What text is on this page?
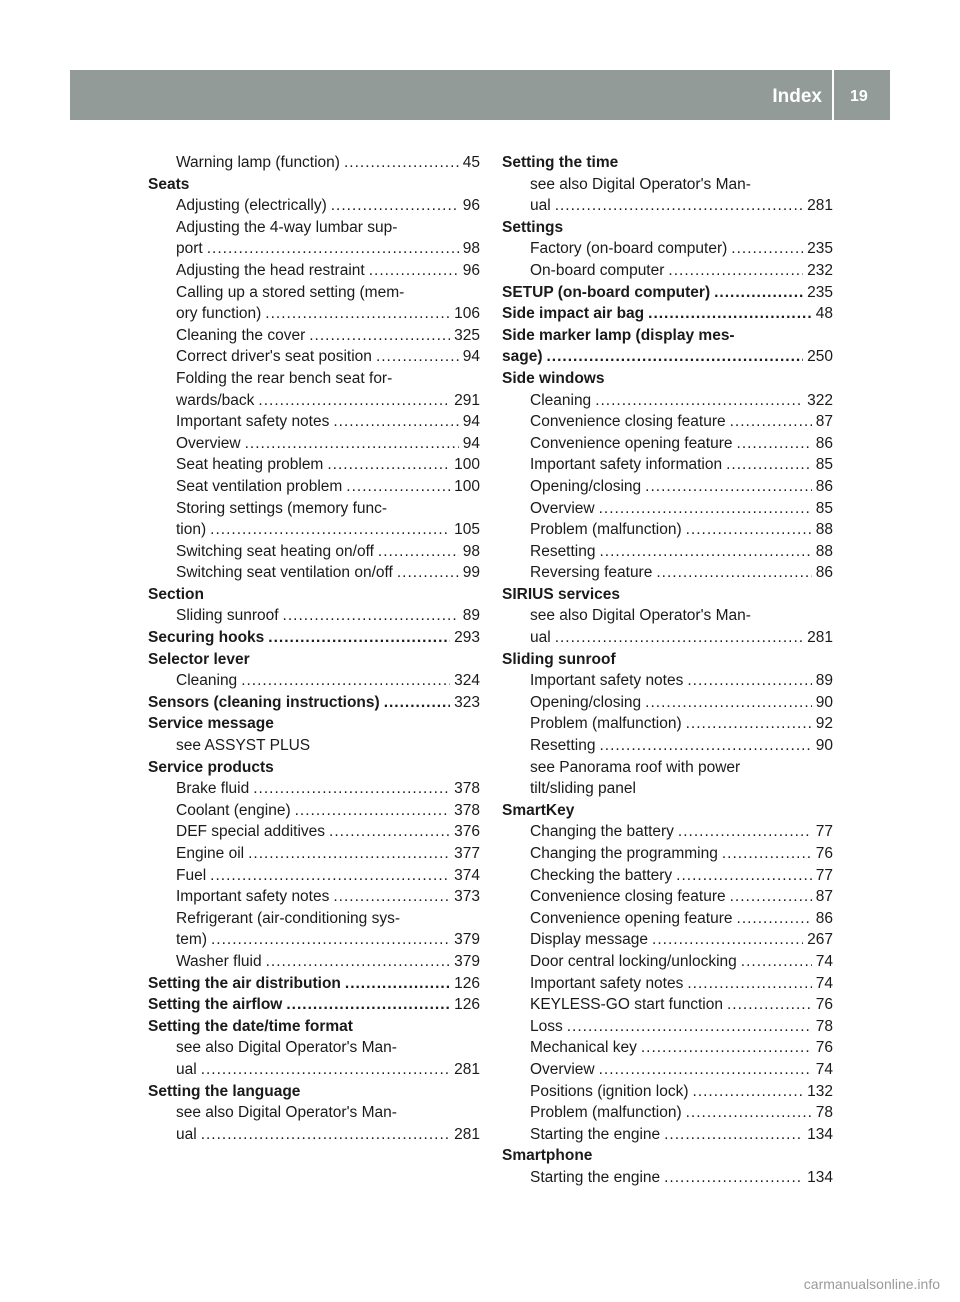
Index 19
Warning lamp (function) .....	45
Seats
Adjusting (electrically) .....	96
Adjusting the 4-way lumbar sup-
port .....	98
Adjusting the head restraint .....	96
Calling up a stored setting (mem-
ory function) .....	106
Cleaning the cover .....	325
Correct driver's seat position .....	94
Folding the rear bench seat for-
wards/back .....	291
Important safety notes .....	94
Overview .....	94
Seat heating problem .....	100
Seat ventilation problem .....	100
Storing settings (memory func-
tion) .....	105
Switching seat heating on/off .....	98
Switching seat ventilation on/off .....	99
Section
Sliding sunroof .....	89
Securing hooks .....	293
Selector lever
Cleaning .....	324
Sensors (cleaning instructions) .....	323
Service message
see ASSYST PLUS
Service products
Brake fluid .....	378
Coolant (engine) .....	378
DEF special additives .....	376
Engine oil .....	377
Fuel .....	374
Important safety notes .....	373
Refrigerant (air-conditioning sys-
tem) .....	379
Washer fluid .....	379
Setting the air distribution .....	126
Setting the airflow .....	126
Setting the date/time format
see also Digital Operator's Man-
ual .....	281
Setting the language
see also Digital Operator's Man-
ual .....	281
Setting the time
see also Digital Operator's Man-
ual .....	281
Settings
Factory (on-board computer) .....	235
On-board computer .....	232
SETUP (on-board computer) .....	235
Side impact air bag .....	48
Side marker lamp (display mes-
sage) .....	250
Side windows
Cleaning .....	322
Convenience closing feature .....	87
Convenience opening feature .....	86
Important safety information .....	85
Opening/closing .....	86
Overview .....	85
Problem (malfunction) .....	88
Resetting .....	88
Reversing feature .....	86
SIRIUS services
see also Digital Operator's Man-
ual .....	281
Sliding sunroof
Important safety notes .....	89
Opening/closing .....	90
Problem (malfunction) .....	92
Resetting .....	90
see Panorama roof with power
tilt/sliding panel
SmartKey
Changing the battery .....	77
Changing the programming .....	76
Checking the battery .....	77
Convenience closing feature .....	87
Convenience opening feature .....	86
Display message .....	267
Door central locking/unlocking .....	74
Important safety notes .....	74
KEYLESS-GO start function .....	76
Loss .....	78
Mechanical key .....	76
Overview .....	74
Positions (ignition lock) .....	132
Problem (malfunction) .....	78
Starting the engine .....	134
Smartphone
Starting the engine .....	134
carmanualsonline.info
